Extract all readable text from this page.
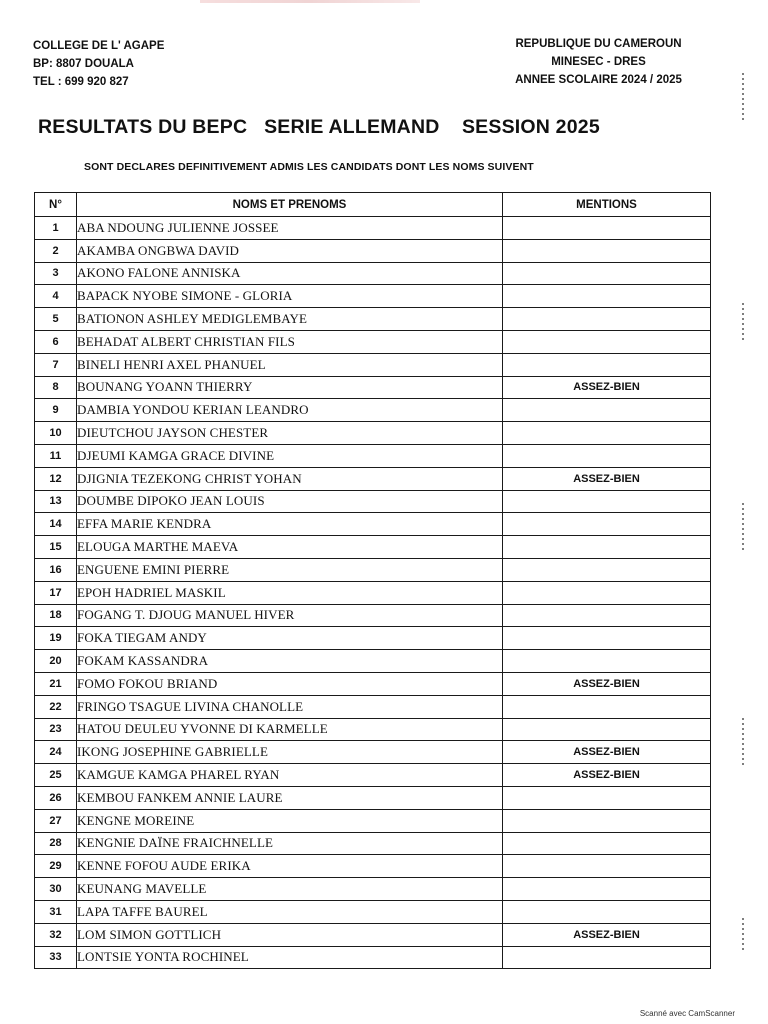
COLLEGE DE L' AGAPE
BP: 8807 DOUALA
TEL : 699 920 827
REPUBLIQUE DU CAMEROUN
MINESEC - DRES
ANNEE SCOLAIRE 2024 / 2025
RESULTATS DU BEPC   SERIE ALLEMAND    SESSION 2025
SONT DECLARES DEFINITIVEMENT ADMIS LES CANDIDATS DONT LES NOMS SUIVENT
N°	NOMS ET PRENOMS	MENTIONS
1	ABA NDOUNG JULIENNE JOSSEE	
2	AKAMBA ONGBWA DAVID	
3	AKONO FALONE ANNISKA	
4	BAPACK NYOBE SIMONE - GLORIA	
5	BATIONON ASHLEY MEDIGLEMBAYE	
6	BEHADAT ALBERT CHRISTIAN FILS	
7	BINELI HENRI AXEL PHANUEL	
8	BOUNANG YOANN THIERRY	ASSEZ-BIEN
9	DAMBIA YONDOU KERIAN LEANDRO	
10	DIEUTCHOU JAYSON CHESTER	
11	DJEUMI KAMGA GRACE DIVINE	
12	DJIGNIA TEZEKONG CHRIST YOHAN	ASSEZ-BIEN
13	DOUMBE DIPOKO JEAN LOUIS	
14	EFFA MARIE KENDRA	
15	ELOUGA MARTHE MAEVA	
16	ENGUENE EMINI PIERRE	
17	EPOH HADRIEL MASKIL	
18	FOGANG T. DJOUG MANUEL HIVER	
19	FOKA TIEGAM ANDY	
20	FOKAM KASSANDRA	
21	FOMO FOKOU BRIAND	ASSEZ-BIEN
22	FRINGO TSAGUE LIVINA CHANOLLE	
23	HATOU DEULEU YVONNE DI KARMELLE	
24	IKONG JOSEPHINE GABRIELLE	ASSEZ-BIEN
25	KAMGUE KAMGA PHAREL RYAN	ASSEZ-BIEN
26	KEMBOU FANKEM ANNIE LAURE	
27	KENGNE MOREINE	
28	KENGNIE DAÏNE FRAICHNELLE	
29	KENNE FOFOU AUDE ERIKA	
30	KEUNANG MAVELLE	
31	LAPA TAFFE BAUREL	
32	LOM SIMON GOTTLICH	ASSEZ-BIEN
33	LONTSIE YONTA ROCHINEL	
Scanné avec CamScanner
